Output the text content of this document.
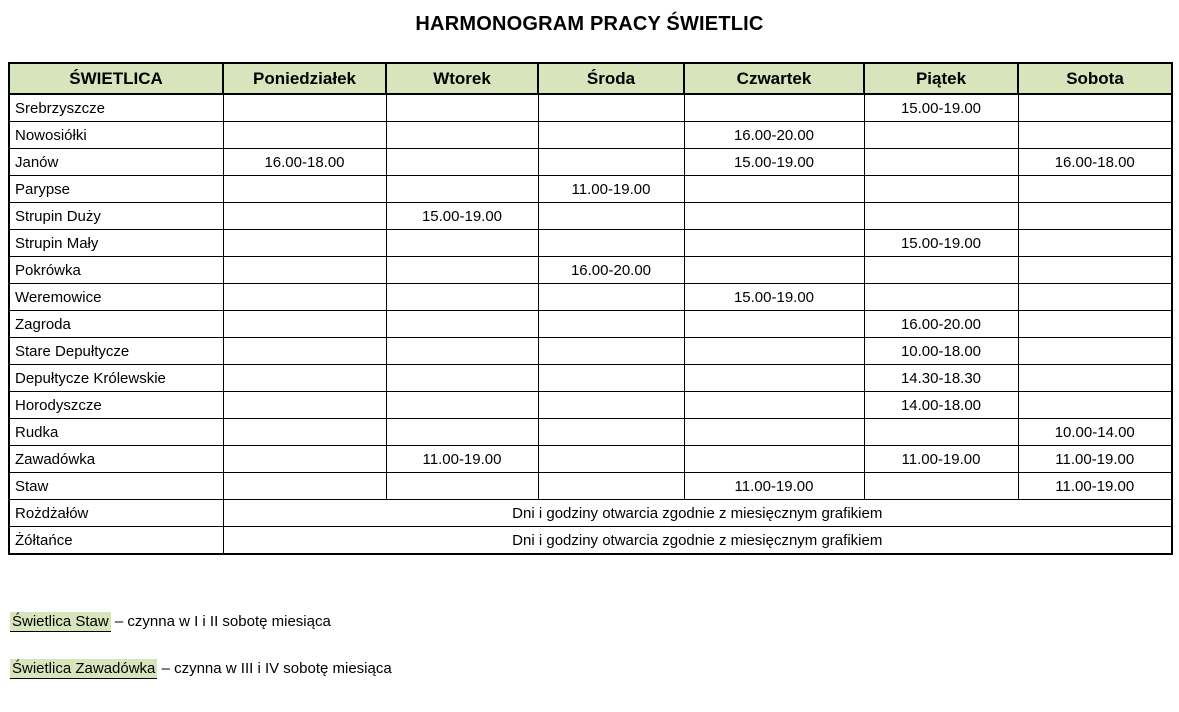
HARMONOGRAM PRACY ŚWIETLIC
ŚWIETLICA	Poniedziałek	Wtorek	Środa	Czwartek	Piątek	Sobota
Srebrzyszcze					15.00-19.00	
Nowosiółki				16.00-20.00		
Janów	16.00-18.00			15.00-19.00		16.00-18.00
Parypse			11.00-19.00			
Strupin Duży		15.00-19.00				
Strupin Mały					15.00-19.00	
Pokrówka			16.00-20.00			
Weremowice				15.00-19.00		
Zagroda					16.00-20.00	
Stare Depułtycze					10.00-18.00	
Depułtycze Królewskie					14.30-18.30	
Horodyszcze					14.00-18.00	
Rudka						10.00-14.00
Zawadówka		11.00-19.00			11.00-19.00	11.00-19.00
Staw				11.00-19.00		11.00-19.00
Rożdżałów	Dni i godziny otwarcia zgodnie z miesięcznym grafikiem					
Żółtańce	Dni i godziny otwarcia zgodnie z miesięcznym grafikiem					
Świetlica Staw – czynna w I i II sobotę miesiąca
Świetlica Zawadówka – czynna w III i IV sobotę miesiąca
